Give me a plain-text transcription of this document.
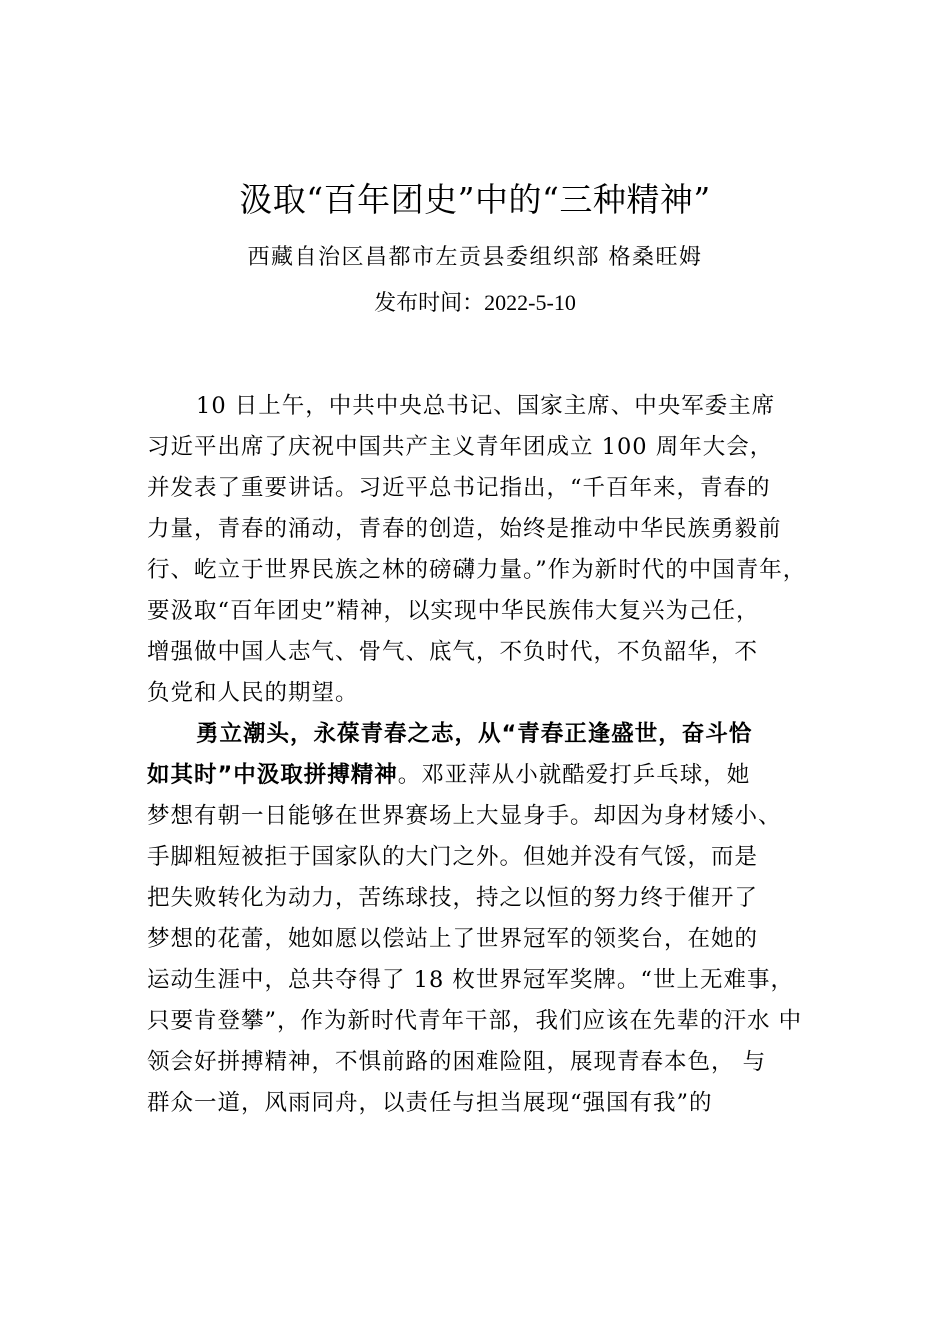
汲取“百年团史”中的“三种精神”
西藏自治区昌都市左贡县委组织部 格桑旺姆
发布时间：2022-5-10
10 日上午，中共中央总书记、国家主席、中央军委主席
习近平出席了庆祝中国共产主义青年团成立 100 周年大会，
并发表了重要讲话。习近平总书记指出，“千百年来，青春的
力量，青春的涌动，青春的创造，始终是推动中华民族勇毅前
行、屹立于世界民族之林的磅礴力量。”作为新时代的中国青年，
要汲取“百年团史”精神，以实现中华民族伟大复兴为己任，
增强做中国人志气、骨气、底气，不负时代，不负韶华，不
负党和人民的期望。
勇立潮头，永葆青春之志，从“青春正逢盛世，奋斗恰
如其时”中汲取拼搏精神。邓亚萍从小就酷爱打乒乓球，她
梦想有朝一日能够在世界赛场上大显身手。却因为身材矮小、
手脚粗短被拒于国家队的大门之外。但她并没有气馁，而是
把失败转化为动力，苦练球技，持之以恒的努力终于催开了
梦想的花蕾，她如愿以偿站上了世界冠军的领奖台，在她的
运动生涯中，总共夺得了 18 枚世界冠军奖牌。“世上无难事，
只要肯登攀”，作为新时代青年干部，我们应该在先辈的汗水 中
领会好拼搏精神，不惧前路的困难险阻，展现青春本色， 与
群众一道，风雨同舟，以责任与担当展现“强国有我”的
